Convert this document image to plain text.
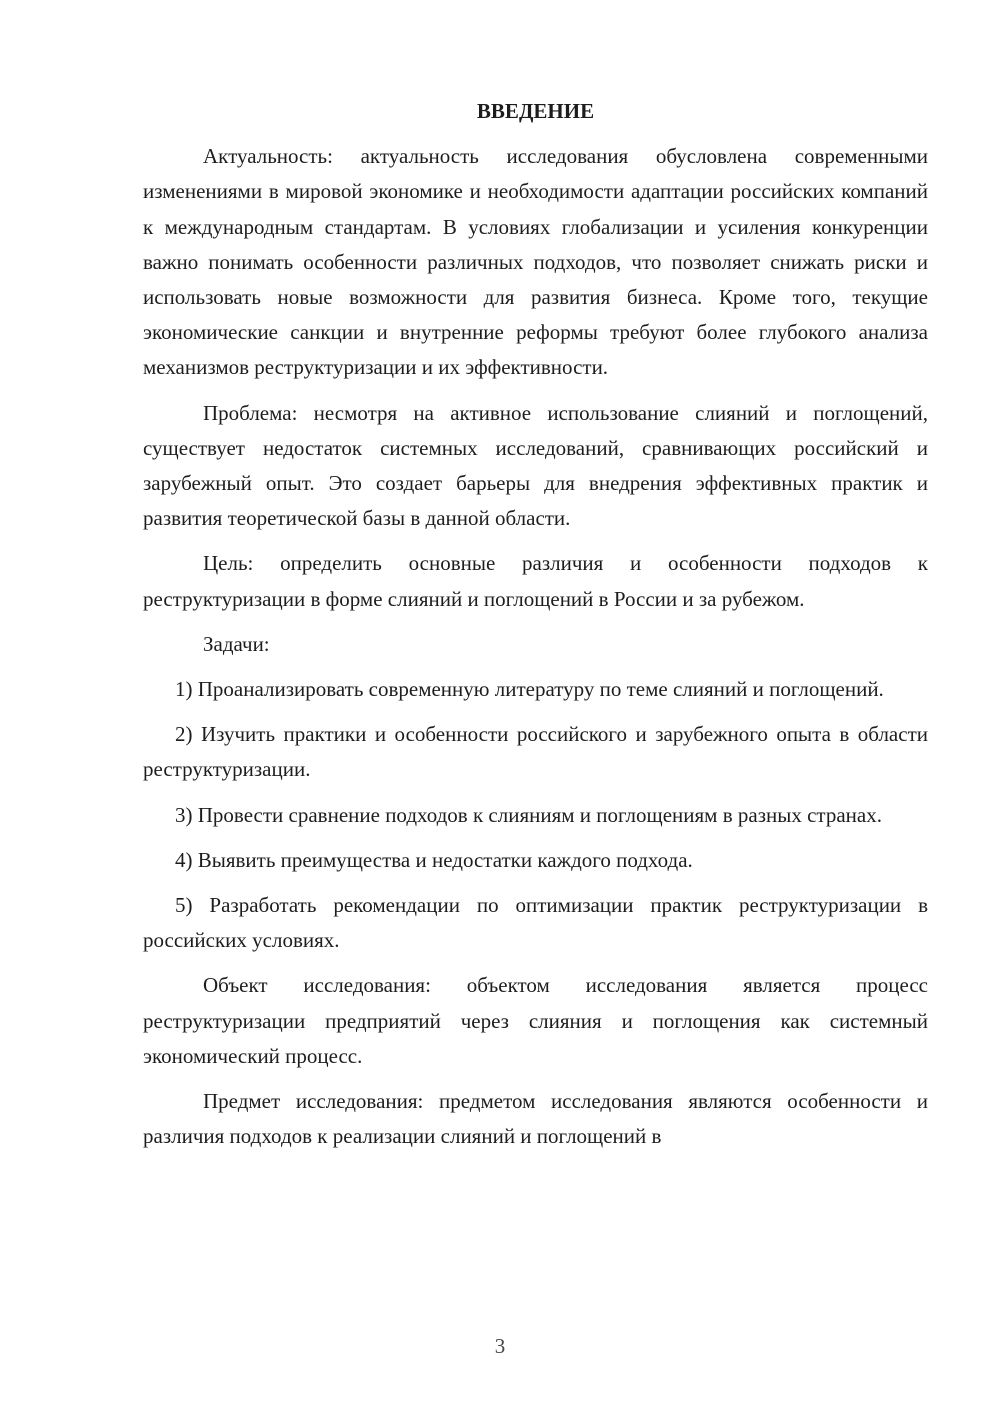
ВВЕДЕНИЕ

Актуальность: актуальность исследования обусловлена современными изменениями в мировой экономике и необходимости адаптации российских компаний к международным стандартам. В условиях глобализации и усиления конкуренции важно понимать особенности различных подходов, что позволяет снижать риски и использовать новые возможности для развития бизнеса. Кроме того, текущие экономические санкции и внутренние реформы требуют более глубокого анализа механизмов реструктуризации и их эффективности.

Проблема: несмотря на активное использование слияний и поглощений, существует недостаток системных исследований, сравнивающих российский и зарубежный опыт. Это создает барьеры для внедрения эффективных практик и развития теоретической базы в данной области.

Цель: определить основные различия и особенности подходов к реструктуризации в форме слияний и поглощений в России и за рубежом.

Задачи:

1) Проанализировать современную литературу по теме слияний и поглощений.

2) Изучить практики и особенности российского и зарубежного опыта в области реструктуризации.

3) Провести сравнение подходов к слияниям и поглощениям в разных странах.

4) Выявить преимущества и недостатки каждого подхода.

5) Разработать рекомендации по оптимизации практик реструктуризации в российских условиях.

Объект исследования: объектом исследования является процесс реструктуризации предприятий через слияния и поглощения как системный экономический процесс.

Предмет исследования: предметом исследования являются особенности и различия подходов к реализации слияний и поглощений в

3
